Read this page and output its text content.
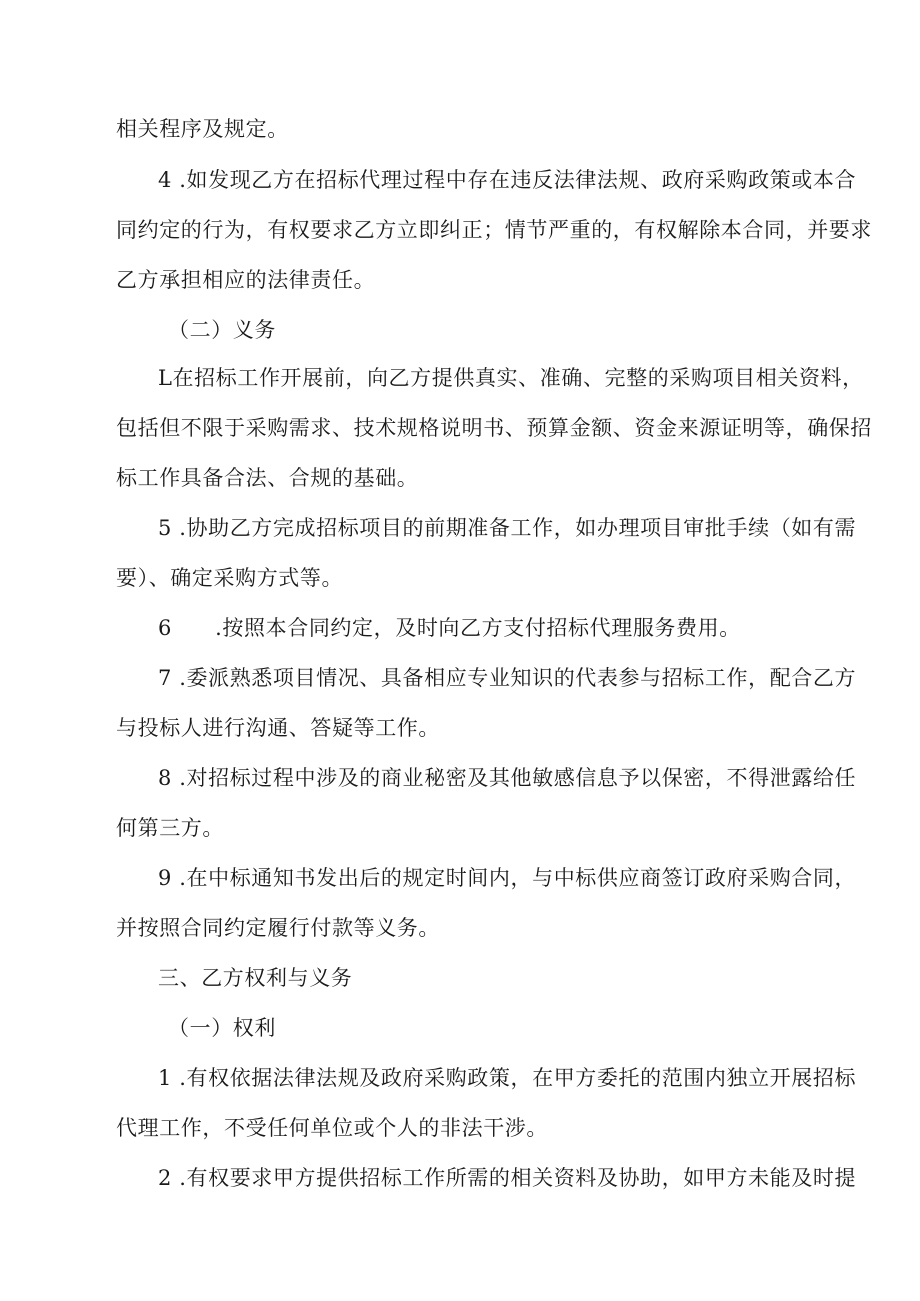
相关程序及规定。
4 .如发现乙方在招标代理过程中存在违反法律法规、政府采购政策或本合
同约定的行为，有权要求乙方立即纠正；情节严重的，有权解除本合同，并要求
乙方承担相应的法律责任。
（二）义务
L在招标工作开展前，向乙方提供真实、准确、完整的采购项目相关资料，
包括但不限于采购需求、技术规格说明书、预算金额、资金来源证明等，确保招
标工作具备合法、合规的基础。
5 .协助乙方完成招标项目的前期准备工作，如办理项目审批手续（如有需
要）、确定采购方式等。
6　　.按照本合同约定，及时向乙方支付招标代理服务费用。
7 .委派熟悉项目情况、具备相应专业知识的代表参与招标工作，配合乙方
与投标人进行沟通、答疑等工作。
8 .对招标过程中涉及的商业秘密及其他敏感信息予以保密，不得泄露给任
何第三方。
9 .在中标通知书发出后的规定时间内，与中标供应商签订政府采购合同，
并按照合同约定履行付款等义务。
三、乙方权利与义务
（一）权利
1 .有权依据法律法规及政府采购政策，在甲方委托的范围内独立开展招标
代理工作，不受任何单位或个人的非法干涉。
2 .有权要求甲方提供招标工作所需的相关资料及协助，如甲方未能及时提
